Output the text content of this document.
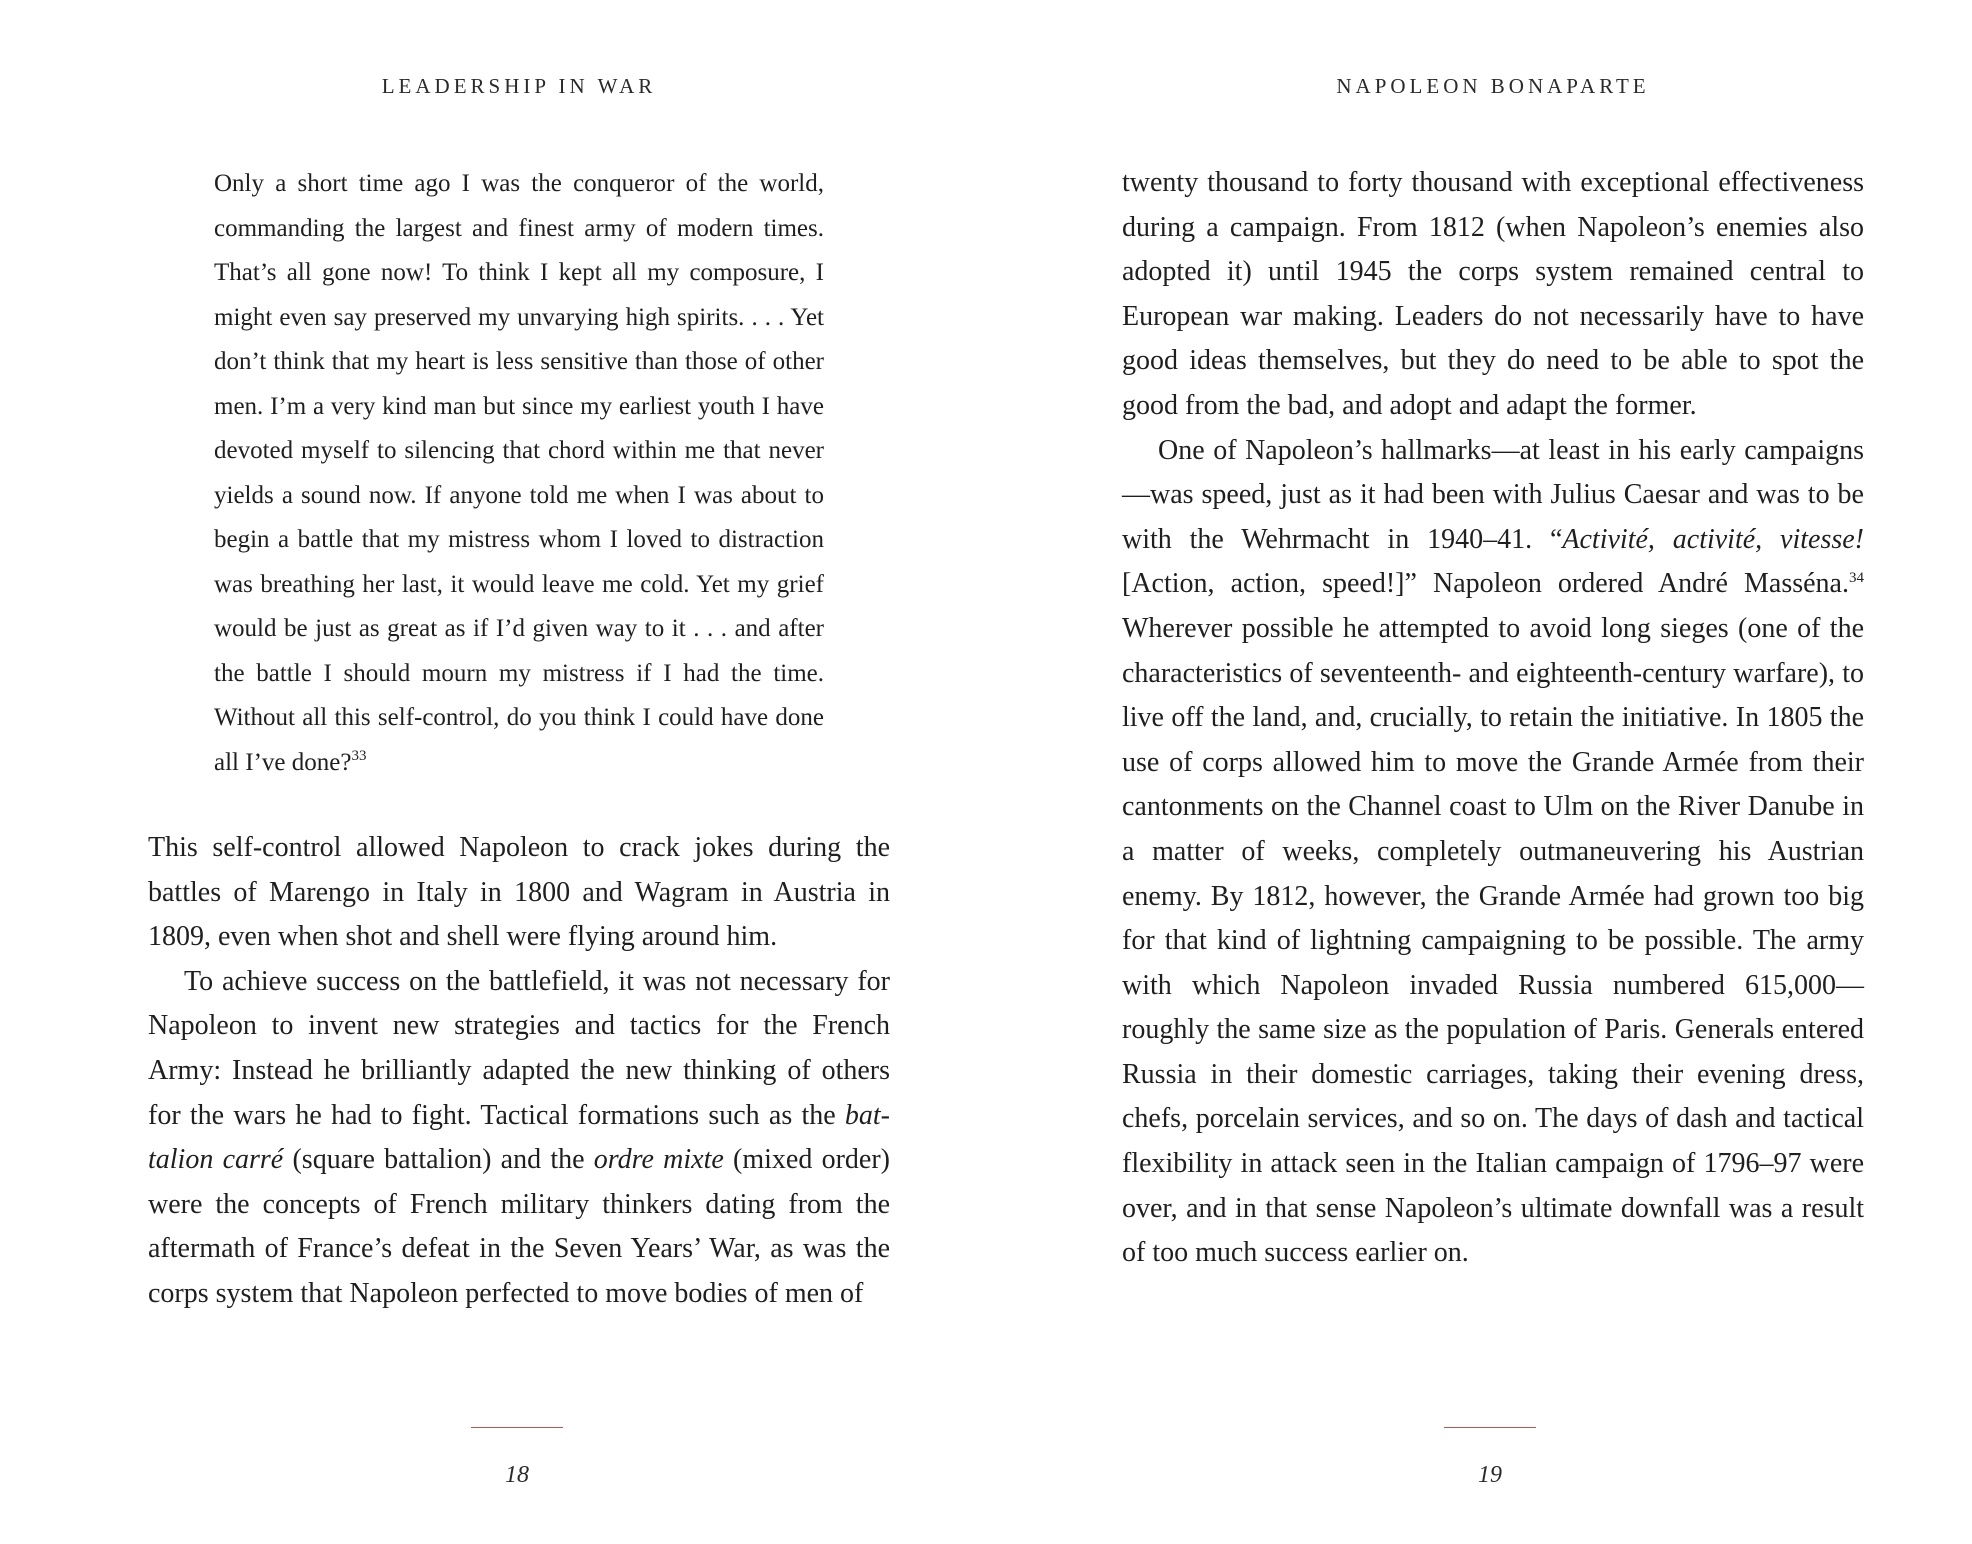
LEADERSHIP IN WAR

Only a short time ago I was the conqueror of the world, commanding the largest and finest army of modern times. That’s all gone now! To think I kept all my composure, I might even say preserved my unvarying high spirits. . . . Yet don’t think that my heart is less sensitive than those of other men. I’m a very kind man but since my earliest youth I have devoted myself to silencing that chord within me that never yields a sound now. If anyone told me when I was about to begin a battle that my mistress whom I loved to distraction was breathing her last, it would leave me cold. Yet my grief would be just as great as if I’d given way to it . . . and after the battle I should mourn my mistress if I had the time. Without all this self-control, do you think I could have done all I’ve done?$^{33}$

This self-control allowed Napoleon to crack jokes during the battles of Marengo in Italy in 1800 and Wagram in Austria in 1809, even when shot and shell were flying around him.

To achieve success on the battlefield, it was not necessary for Napoleon to invent new strategies and tactics for the French Army: Instead he brilliantly adapted the new thinking of others for the wars he had to fight. Tactical formations such as the battalion carré (square battalion) and the ordre mixte (mixed order) were the concepts of French military thinkers dating from the aftermath of France’s defeat in the Seven Years’ War, as was the corps system that Napoleon perfected to move bodies of men of

18
NAPOLEON BONAPARTE

twenty thousand to forty thousand with exceptional effectiveness during a campaign. From 1812 (when Napoleon’s enemies also adopted it) until 1945 the corps system remained central to European war making. Leaders do not necessarily have to have good ideas themselves, but they do need to be able to spot the good from the bad, and adopt and adapt the former.

One of Napoleon’s hallmarks—at least in his early campaigns—was speed, just as it had been with Julius Caesar and was to be with the Wehrmacht in 1940–41. “Activité, activité, vitesse! [Action, action, speed!]” Napoleon ordered André Masséna.$^{34}$ Wherever possible he attempted to avoid long sieges (one of the characteristics of seventeenth- and eighteenth-century warfare), to live off the land, and, crucially, to retain the initiative. In 1805 the use of corps allowed him to move the Grande Armée from their cantonments on the Channel coast to Ulm on the River Danube in a matter of weeks, completely outmaneuvering his Austrian enemy. By 1812, however, the Grande Armée had grown too big for that kind of lightning campaigning to be possible. The army with which Napoleon invaded Russia numbered 615,000—roughly the same size as the population of Paris. Generals entered Russia in their domestic carriages, taking their evening dress, chefs, porcelain services, and so on. The days of dash and tactical flexibility in attack seen in the Italian campaign of 1796–97 were over, and in that sense Napoleon’s ultimate downfall was a result of too much success earlier on.

19
